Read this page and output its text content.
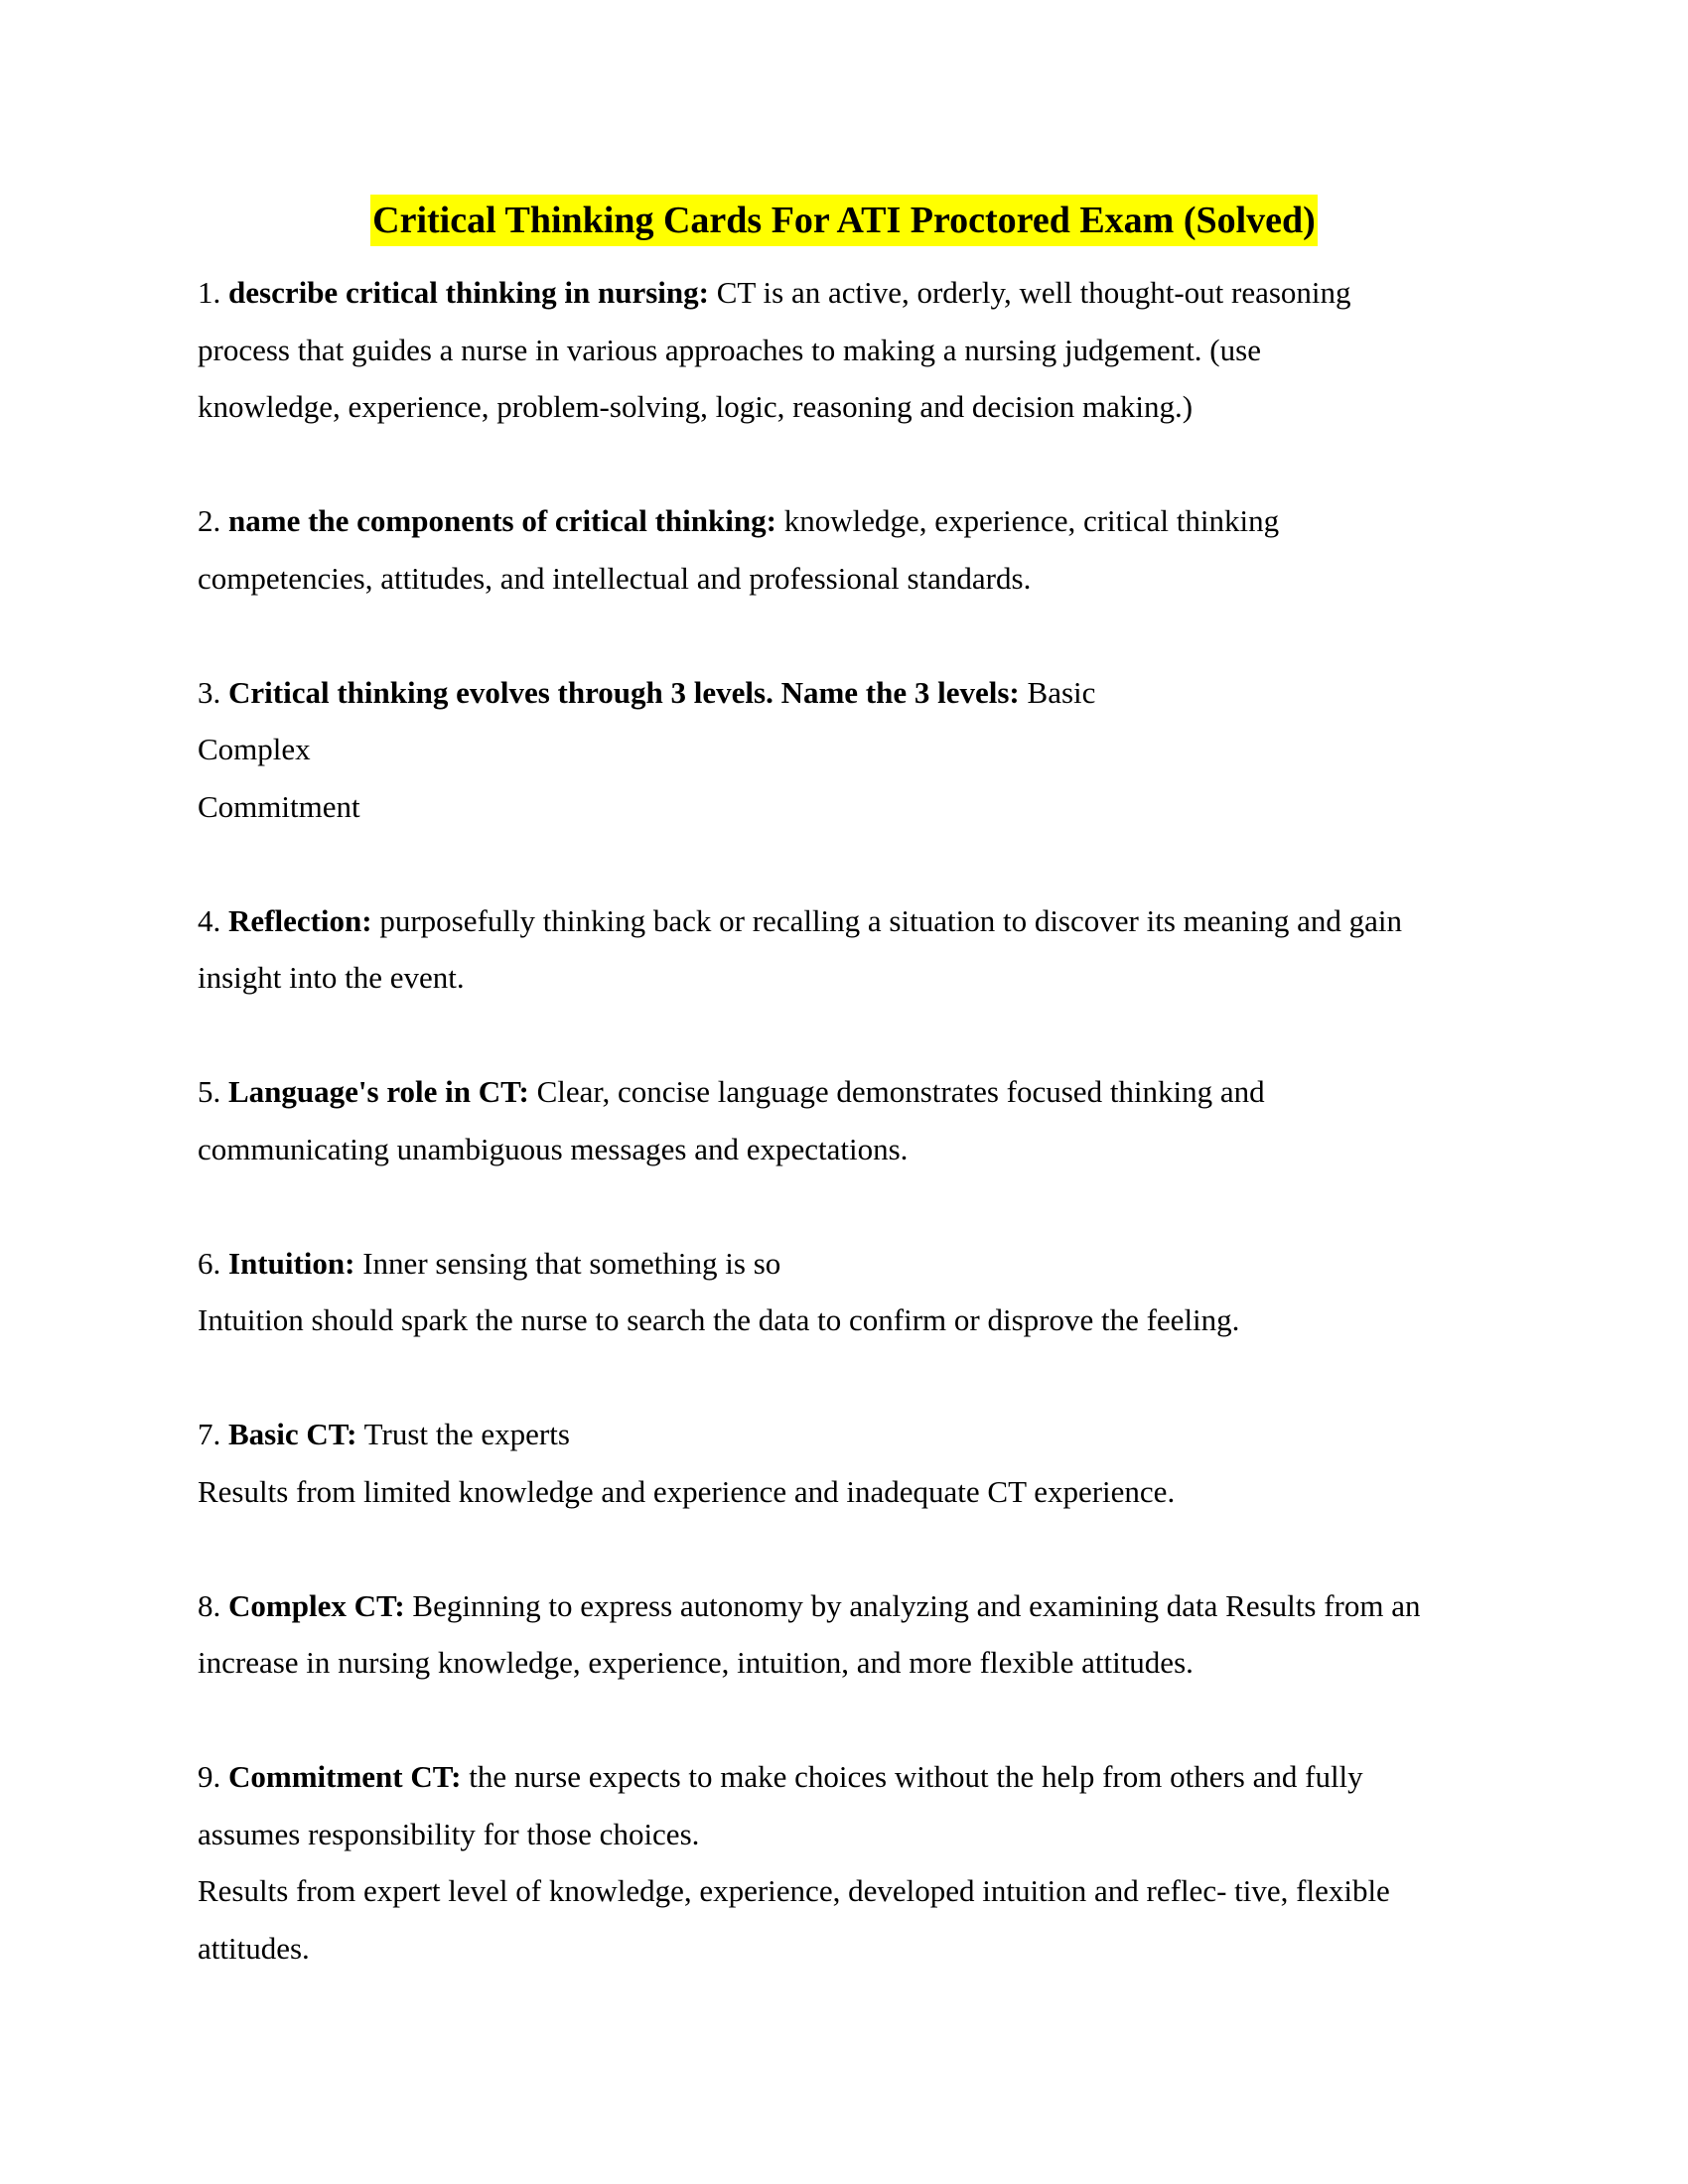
Critical Thinking Cards For ATI Proctored Exam (Solved)
1. describe critical thinking in nursing: CT is an active, orderly, well thought-out reasoning
process that guides a nurse in various approaches to making a nursing judgement. (use
knowledge, experience, problem-solving, logic, reasoning and decision making.)
2. name the components of critical thinking: knowledge, experience, critical thinking
competencies, attitudes, and intellectual and professional standards.
3. Critical thinking evolves through 3 levels. Name the 3 levels: Basic
Complex
Commitment
4. Reflection: purposefully thinking back or recalling a situation to discover its meaning and gain
insight into the event.
5. Language's role in CT: Clear, concise language demonstrates focused thinking and
communicating unambiguous messages and expectations.
6. Intuition: Inner sensing that something is so
Intuition should spark the nurse to search the data to confirm or disprove the feeling.
7. Basic CT: Trust the experts
Results from limited knowledge and experience and inadequate CT experience.
8. Complex CT: Beginning to express autonomy by analyzing and examining data Results from an
increase in nursing knowledge, experience, intuition, and more flexible attitudes.
9. Commitment CT: the nurse expects to make choices without the help from others and fully
assumes responsibility for those choices.
Results from expert level of knowledge, experience, developed intuition and reflec- tive, flexible
attitudes.
